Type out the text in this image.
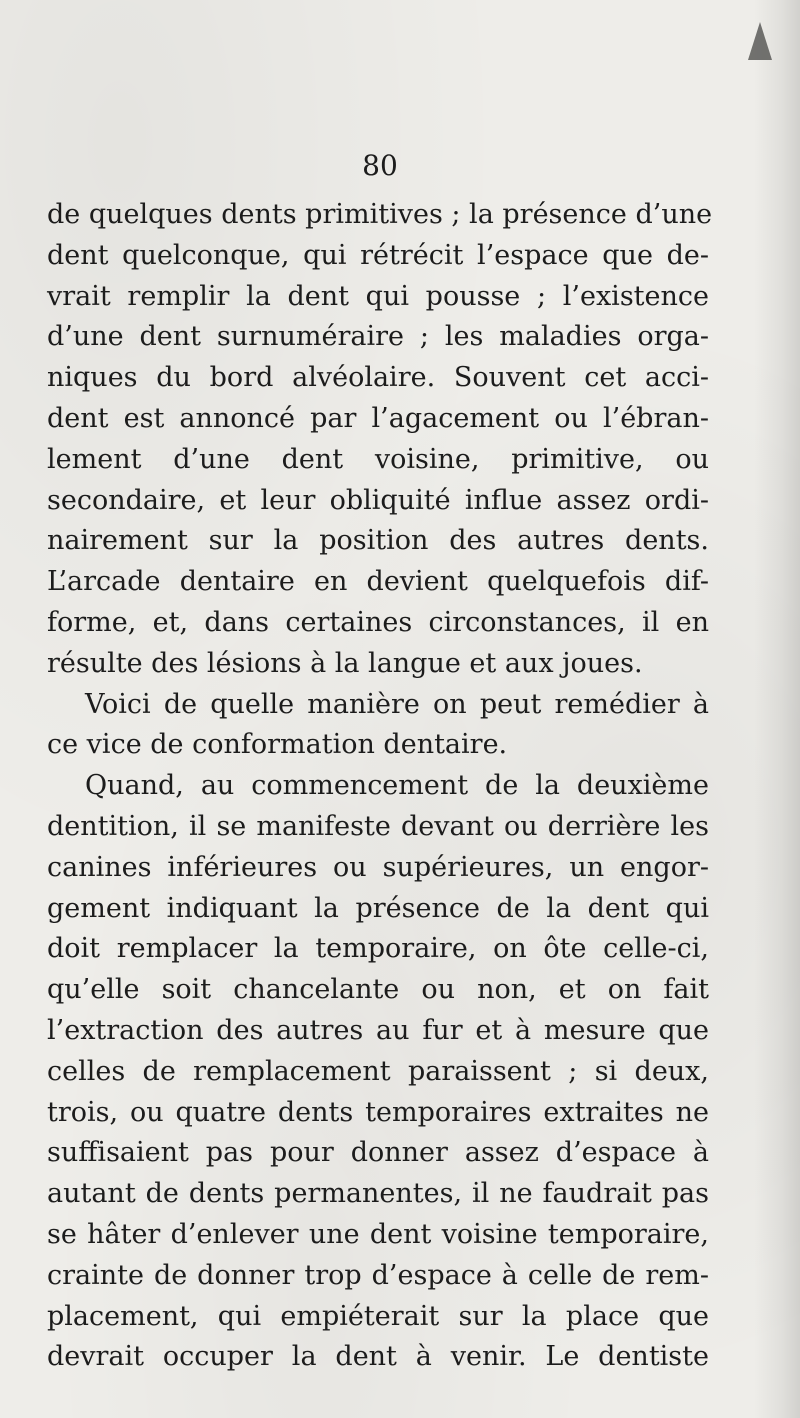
80
de quelques dents primitives ; la présence d’une
dent quelconque, qui rétrécit l’espace que de-
vrait remplir la dent qui pousse ; l’existence
d’une dent surnuméraire ; les maladies orga-
niques du bord alvéolaire. Souvent cet acci-
dent est annoncé par l’agacement ou l’ébran-
lement d’une dent voisine, primitive, ou
secondaire, et leur obliquité influe assez ordi-
nairement sur la position des autres dents.
L’arcade dentaire en devient quelquefois dif-
forme, et, dans certaines circonstances, il en
résulte des lésions à la langue et aux joues.
Voici de quelle manière on peut remédier à
ce vice de conformation dentaire.
Quand, au commencement de la deuxième
dentition, il se manifeste devant ou derrière les
canines inférieures ou supérieures, un engor-
gement indiquant la présence de la dent qui
doit remplacer la temporaire, on ôte celle-ci,
qu’elle soit chancelante ou non, et on fait
l’extraction des autres au fur et à mesure que
celles de remplacement paraissent ; si deux,
trois, ou quatre dents temporaires extraites ne
suffisaient pas pour donner assez d’espace à
autant de dents permanentes, il ne faudrait pas
se hâter d’enlever une dent voisine temporaire,
crainte de donner trop d’espace à celle de rem-
placement, qui empiéterait sur la place que
devrait occuper la dent à venir. Le dentiste
